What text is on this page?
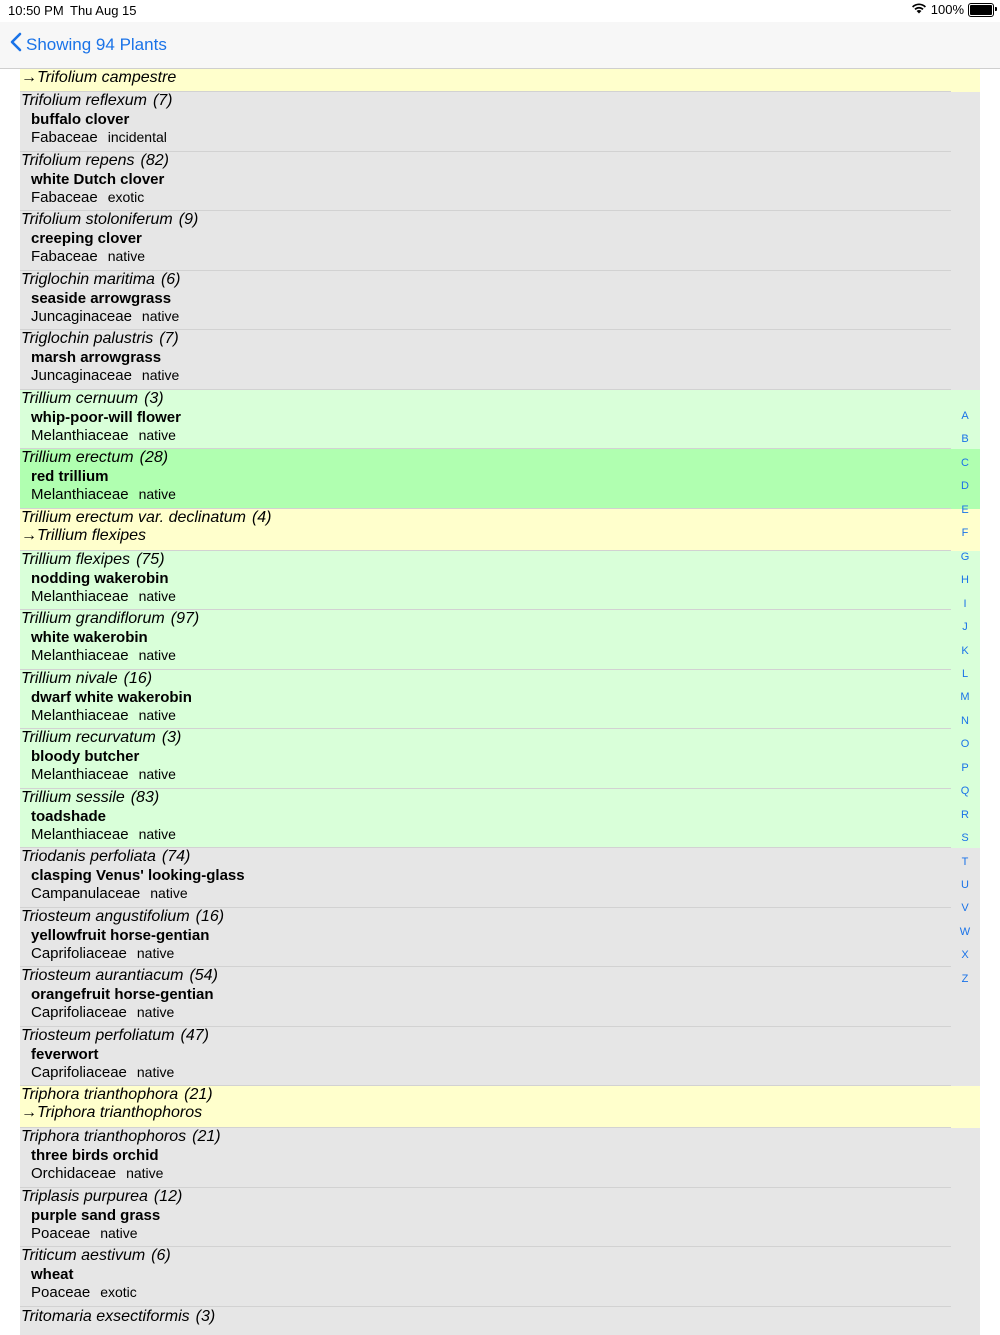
10:50 PM Thu Aug 15	100%
Showing 94 Plants
→Trifolium campestre
Trifolium reflexum (7)
buffalo clover
Fabaceae incidental
Trifolium repens (82)
white Dutch clover
Fabaceae exotic
Trifolium stoloniferum (9)
creeping clover
Fabaceae native
Triglochin maritima (6)
seaside arrowgrass
Juncaginaceae native
Triglochin palustris (7)
marsh arrowgrass
Juncaginaceae native
Trillium cernuum (3)
whip-poor-will flower
Melanthiaceae native
Trillium erectum (28)
red trillium
Melanthiaceae native
Trillium erectum var. declinatum (4)
→Trillium flexipes
Trillium flexipes (75)
nodding wakerobin
Melanthiaceae native
Trillium grandiflorum (97)
white wakerobin
Melanthiaceae native
Trillium nivale (16)
dwarf white wakerobin
Melanthiaceae native
Trillium recurvatum (3)
bloody butcher
Melanthiaceae native
Trillium sessile (83)
toadshade
Melanthiaceae native
Triodanis perfoliata (74)
clasping Venus' looking-glass
Campanulaceae native
Triosteum angustifolium (16)
yellowfruit horse-gentian
Caprifoliaceae native
Triosteum aurantiacum (54)
orangefruit horse-gentian
Caprifoliaceae native
Triosteum perfoliatum (47)
feverwort
Caprifoliaceae native
Triphora trianthophora (21)
→Triphora trianthophoros
Triphora trianthophoros (21)
three birds orchid
Orchidaceae native
Triplasis purpurea (12)
purple sand grass
Poaceae native
Triticum aestivum (6)
wheat
Poaceae exotic
Tritomaria exsectiformis (3)
A
B
C
D
E
F
G
H
I
J
K
L
M
N
O
P
Q
R
S
T
U
V
W
X
Z
